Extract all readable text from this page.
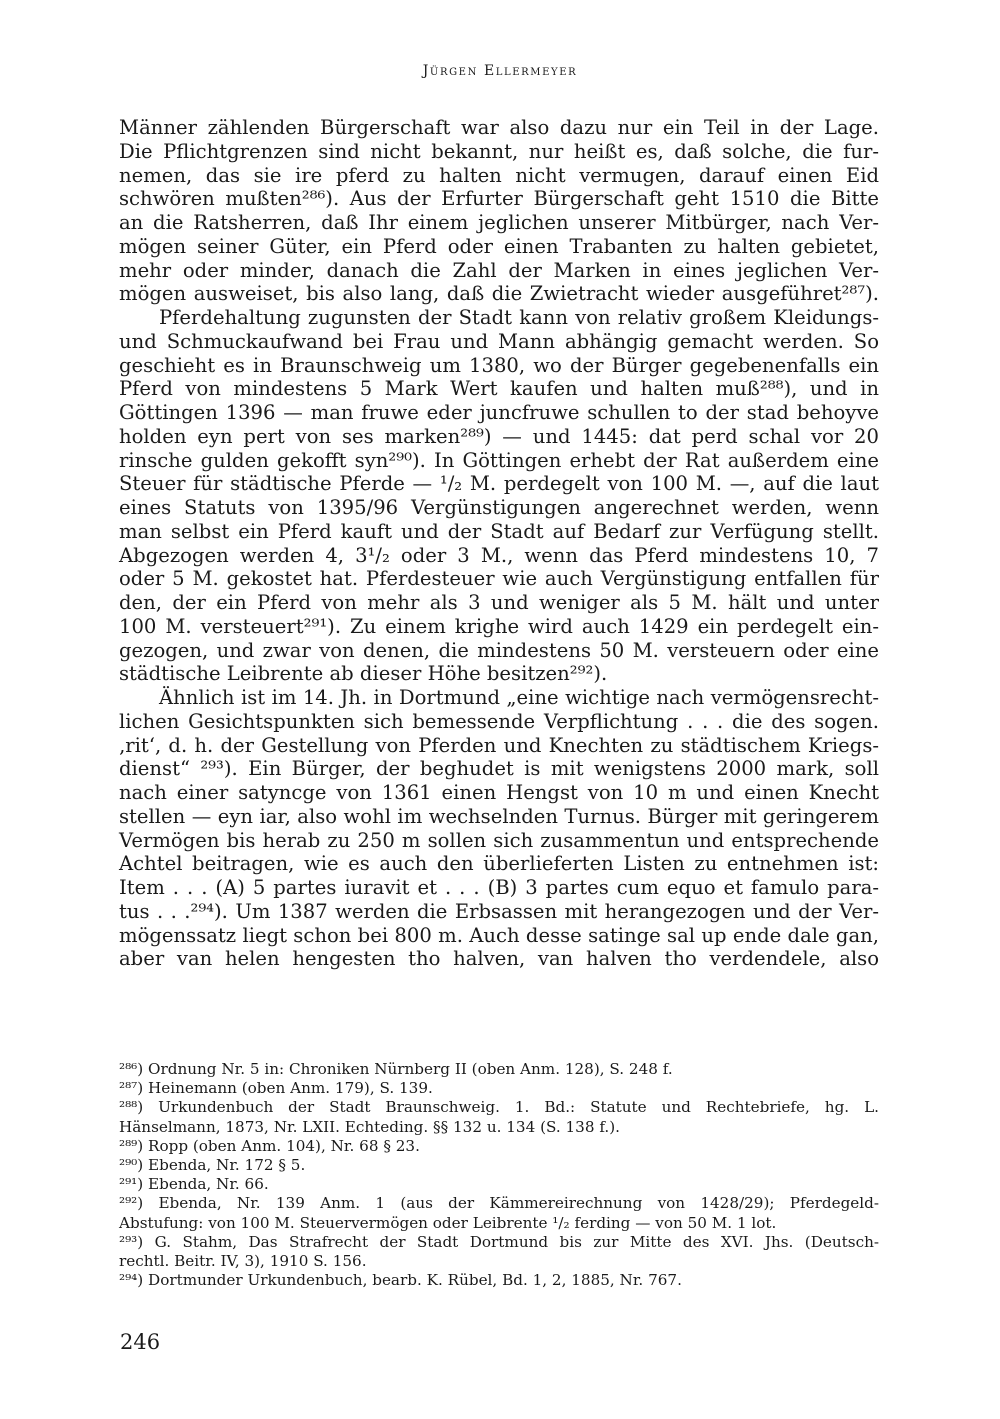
Jürgen Ellermeyer
Männer zählenden Bürgerschaft war also dazu nur ein Teil in der Lage.
Die Pflichtgrenzen sind nicht bekannt, nur heißt es, daß solche, die fur-
nemen, das sie ire pferd zu halten nicht vermugen, darauf einen Eid
schwören mußten²⁸⁶). Aus der Erfurter Bürgerschaft geht 1510 die Bitte
an die Ratsherren, daß Ihr einem jeglichen unserer Mitbürger, nach Ver-
mögen seiner Güter, ein Pferd oder einen Trabanten zu halten gebietet,
mehr oder minder, danach die Zahl der Marken in eines jeglichen Ver-
mögen ausweiset, bis also lang, daß die Zwietracht wieder ausgeführet²⁸⁷).
Pferdehaltung zugunsten der Stadt kann von relativ großem Kleidungs-
und Schmuckaufwand bei Frau und Mann abhängig gemacht werden. So
geschieht es in Braunschweig um 1380, wo der Bürger gegebenenfalls ein
Pferd von mindestens 5 Mark Wert kaufen und halten muß²⁸⁸), und in
Göttingen 1396 — man fruwe eder juncfruwe schullen to der stad behoyve
holden eyn pert von ses marken²⁸⁹) — und 1445: dat perd schal vor 20
rinsche gulden gekofft syn²⁹⁰). In Göttingen erhebt der Rat außerdem eine
Steuer für städtische Pferde — ¹/₂ M. perdegelt von 100 M. —, auf die laut
eines Statuts von 1395/96 Vergünstigungen angerechnet werden, wenn
man selbst ein Pferd kauft und der Stadt auf Bedarf zur Verfügung stellt.
Abgezogen werden 4, 3¹/₂ oder 3 M., wenn das Pferd mindestens 10, 7
oder 5 M. gekostet hat. Pferdesteuer wie auch Vergünstigung entfallen für
den, der ein Pferd von mehr als 3 und weniger als 5 M. hält und unter
100 M. versteuert²⁹¹). Zu einem krighe wird auch 1429 ein perdegelt ein-
gezogen, und zwar von denen, die mindestens 50 M. versteuern oder eine
städtische Leibrente ab dieser Höhe besitzen²⁹²).
Ähnlich ist im 14. Jh. in Dortmund „eine wichtige nach vermögensrecht-
lichen Gesichtspunkten sich bemessende Verpflichtung . . . die des sogen.
‚rit‘, d. h. der Gestellung von Pferden und Knechten zu städtischem Kriegs-
dienst“ ²⁹³). Ein Bürger, der beghudet is mit wenigstens 2000 mark, soll
nach einer satyncge von 1361 einen Hengst von 10 m und einen Knecht
stellen — eyn iar, also wohl im wechselnden Turnus. Bürger mit geringerem
Vermögen bis herab zu 250 m sollen sich zusammentun und entsprechende
Achtel beitragen, wie es auch den überlieferten Listen zu entnehmen ist:
Item . . . (A) 5 partes iuravit et . . . (B) 3 partes cum equo et famulo para-
tus . . .²⁹⁴). Um 1387 werden die Erbsassen mit herangezogen und der Ver-
mögenssatz liegt schon bei 800 m. Auch desse satinge sal up ende dale gan,
aber van helen hengesten tho halven, van halven tho verdendele, also
²⁸⁶) Ordnung Nr. 5 in: Chroniken Nürnberg II (oben Anm. 128), S. 248 f.
²⁸⁷) Heinemann (oben Anm. 179), S. 139.
²⁸⁸) Urkundenbuch der Stadt Braunschweig. 1. Bd.: Statute und Rechtebriefe, hg. L.
Hänselmann, 1873, Nr. LXII. Echteding. §§ 132 u. 134 (S. 138 f.).
²⁸⁹) Ropp (oben Anm. 104), Nr. 68 § 23.
²⁹⁰) Ebenda, Nr. 172 § 5.
²⁹¹) Ebenda, Nr. 66.
²⁹²) Ebenda, Nr. 139 Anm. 1 (aus der Kämmereirechnung von 1428/29); Pferdegeld-
Abstufung: von 100 M. Steuervermögen oder Leibrente ¹/₂ ferding — von 50 M. 1 lot.
²⁹³) G. Stahm, Das Strafrecht der Stadt Dortmund bis zur Mitte des XVI. Jhs. (Deutsch-
rechtl. Beitr. IV, 3), 1910 S. 156.
²⁹⁴) Dortmunder Urkundenbuch, bearb. K. Rübel, Bd. 1, 2, 1885, Nr. 767.
246
